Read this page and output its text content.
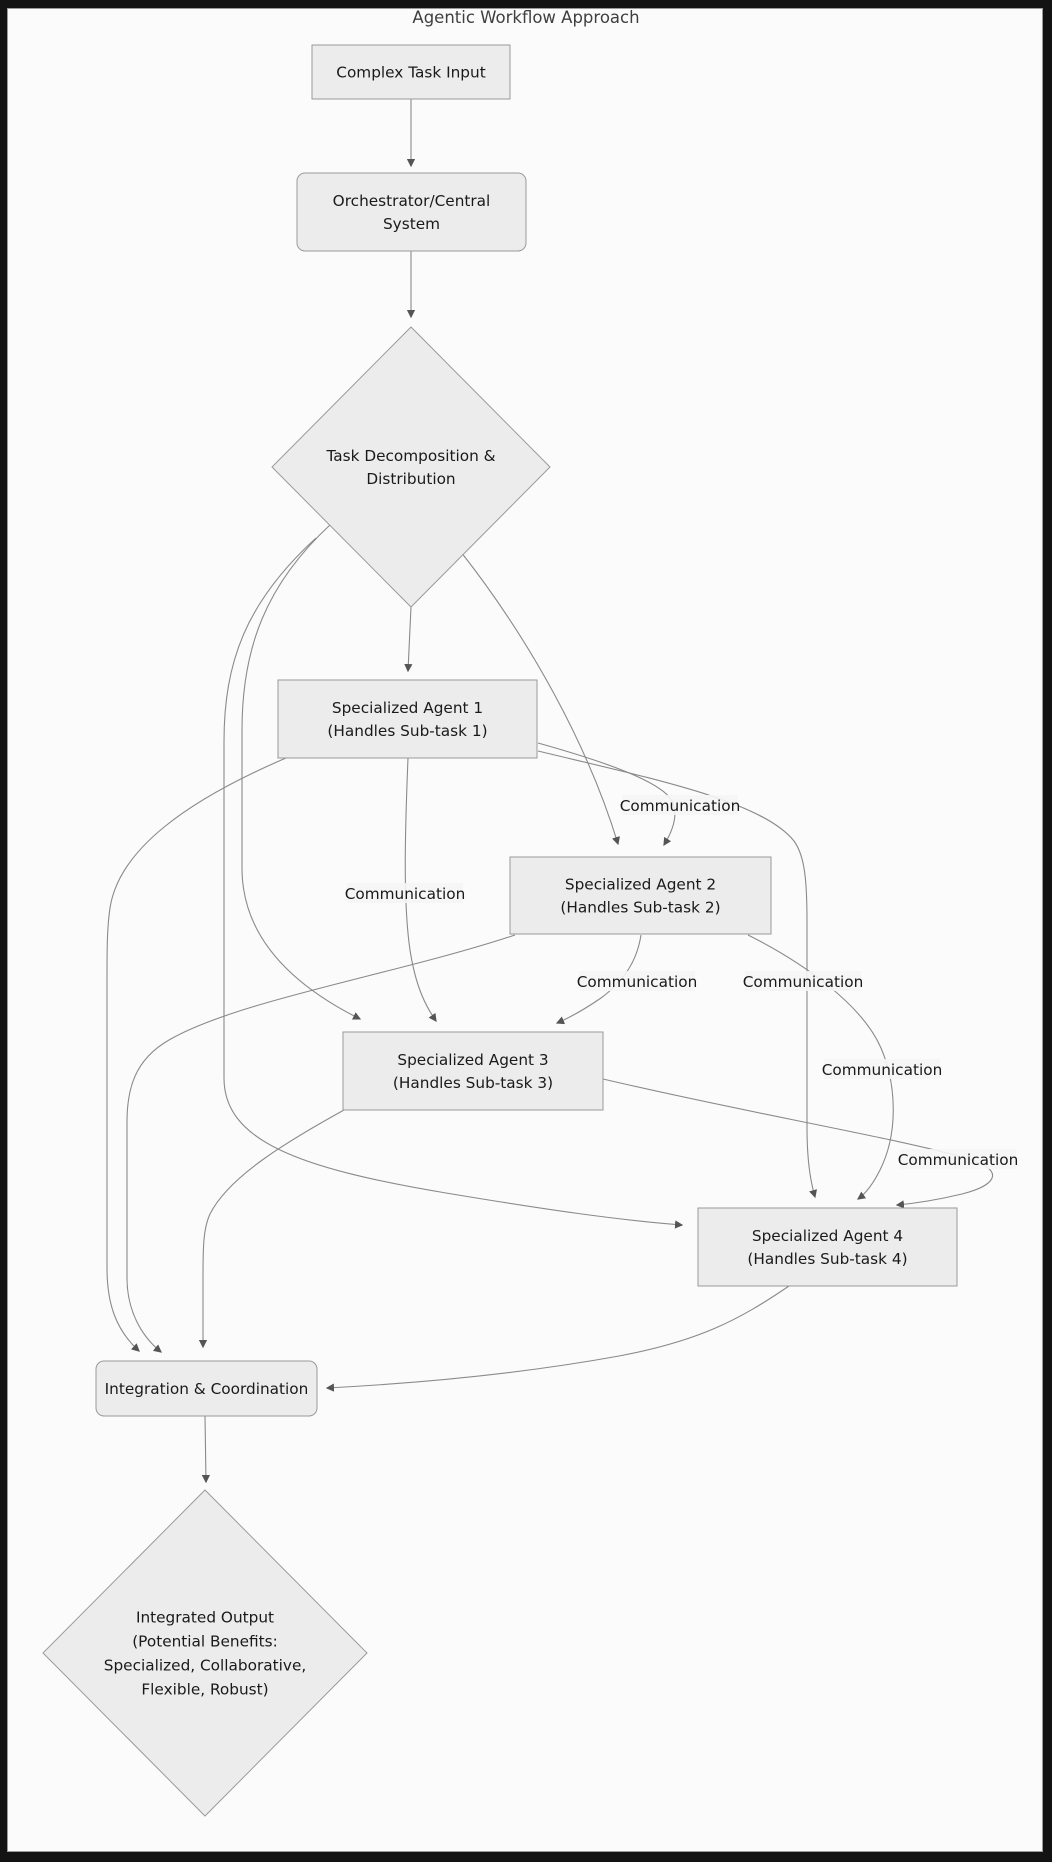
Agentic Workflow Approach
Complex Task Input
Orchestrator/Central
System
Task Decomposition &
Distribution
Specialized Agent 1
(Handles Sub-task 1)
Specialized Agent 2
(Handles Sub-task 2)
Specialized Agent 3
(Handles Sub-task 3)
Specialized Agent 4
(Handles Sub-task 4)
Integration & Coordination
Integrated Output
(Potential Benefits:
Specialized, Collaborative,
Flexible, Robust)
Communication
Communication
Communication
Communication
Communication
Communication
